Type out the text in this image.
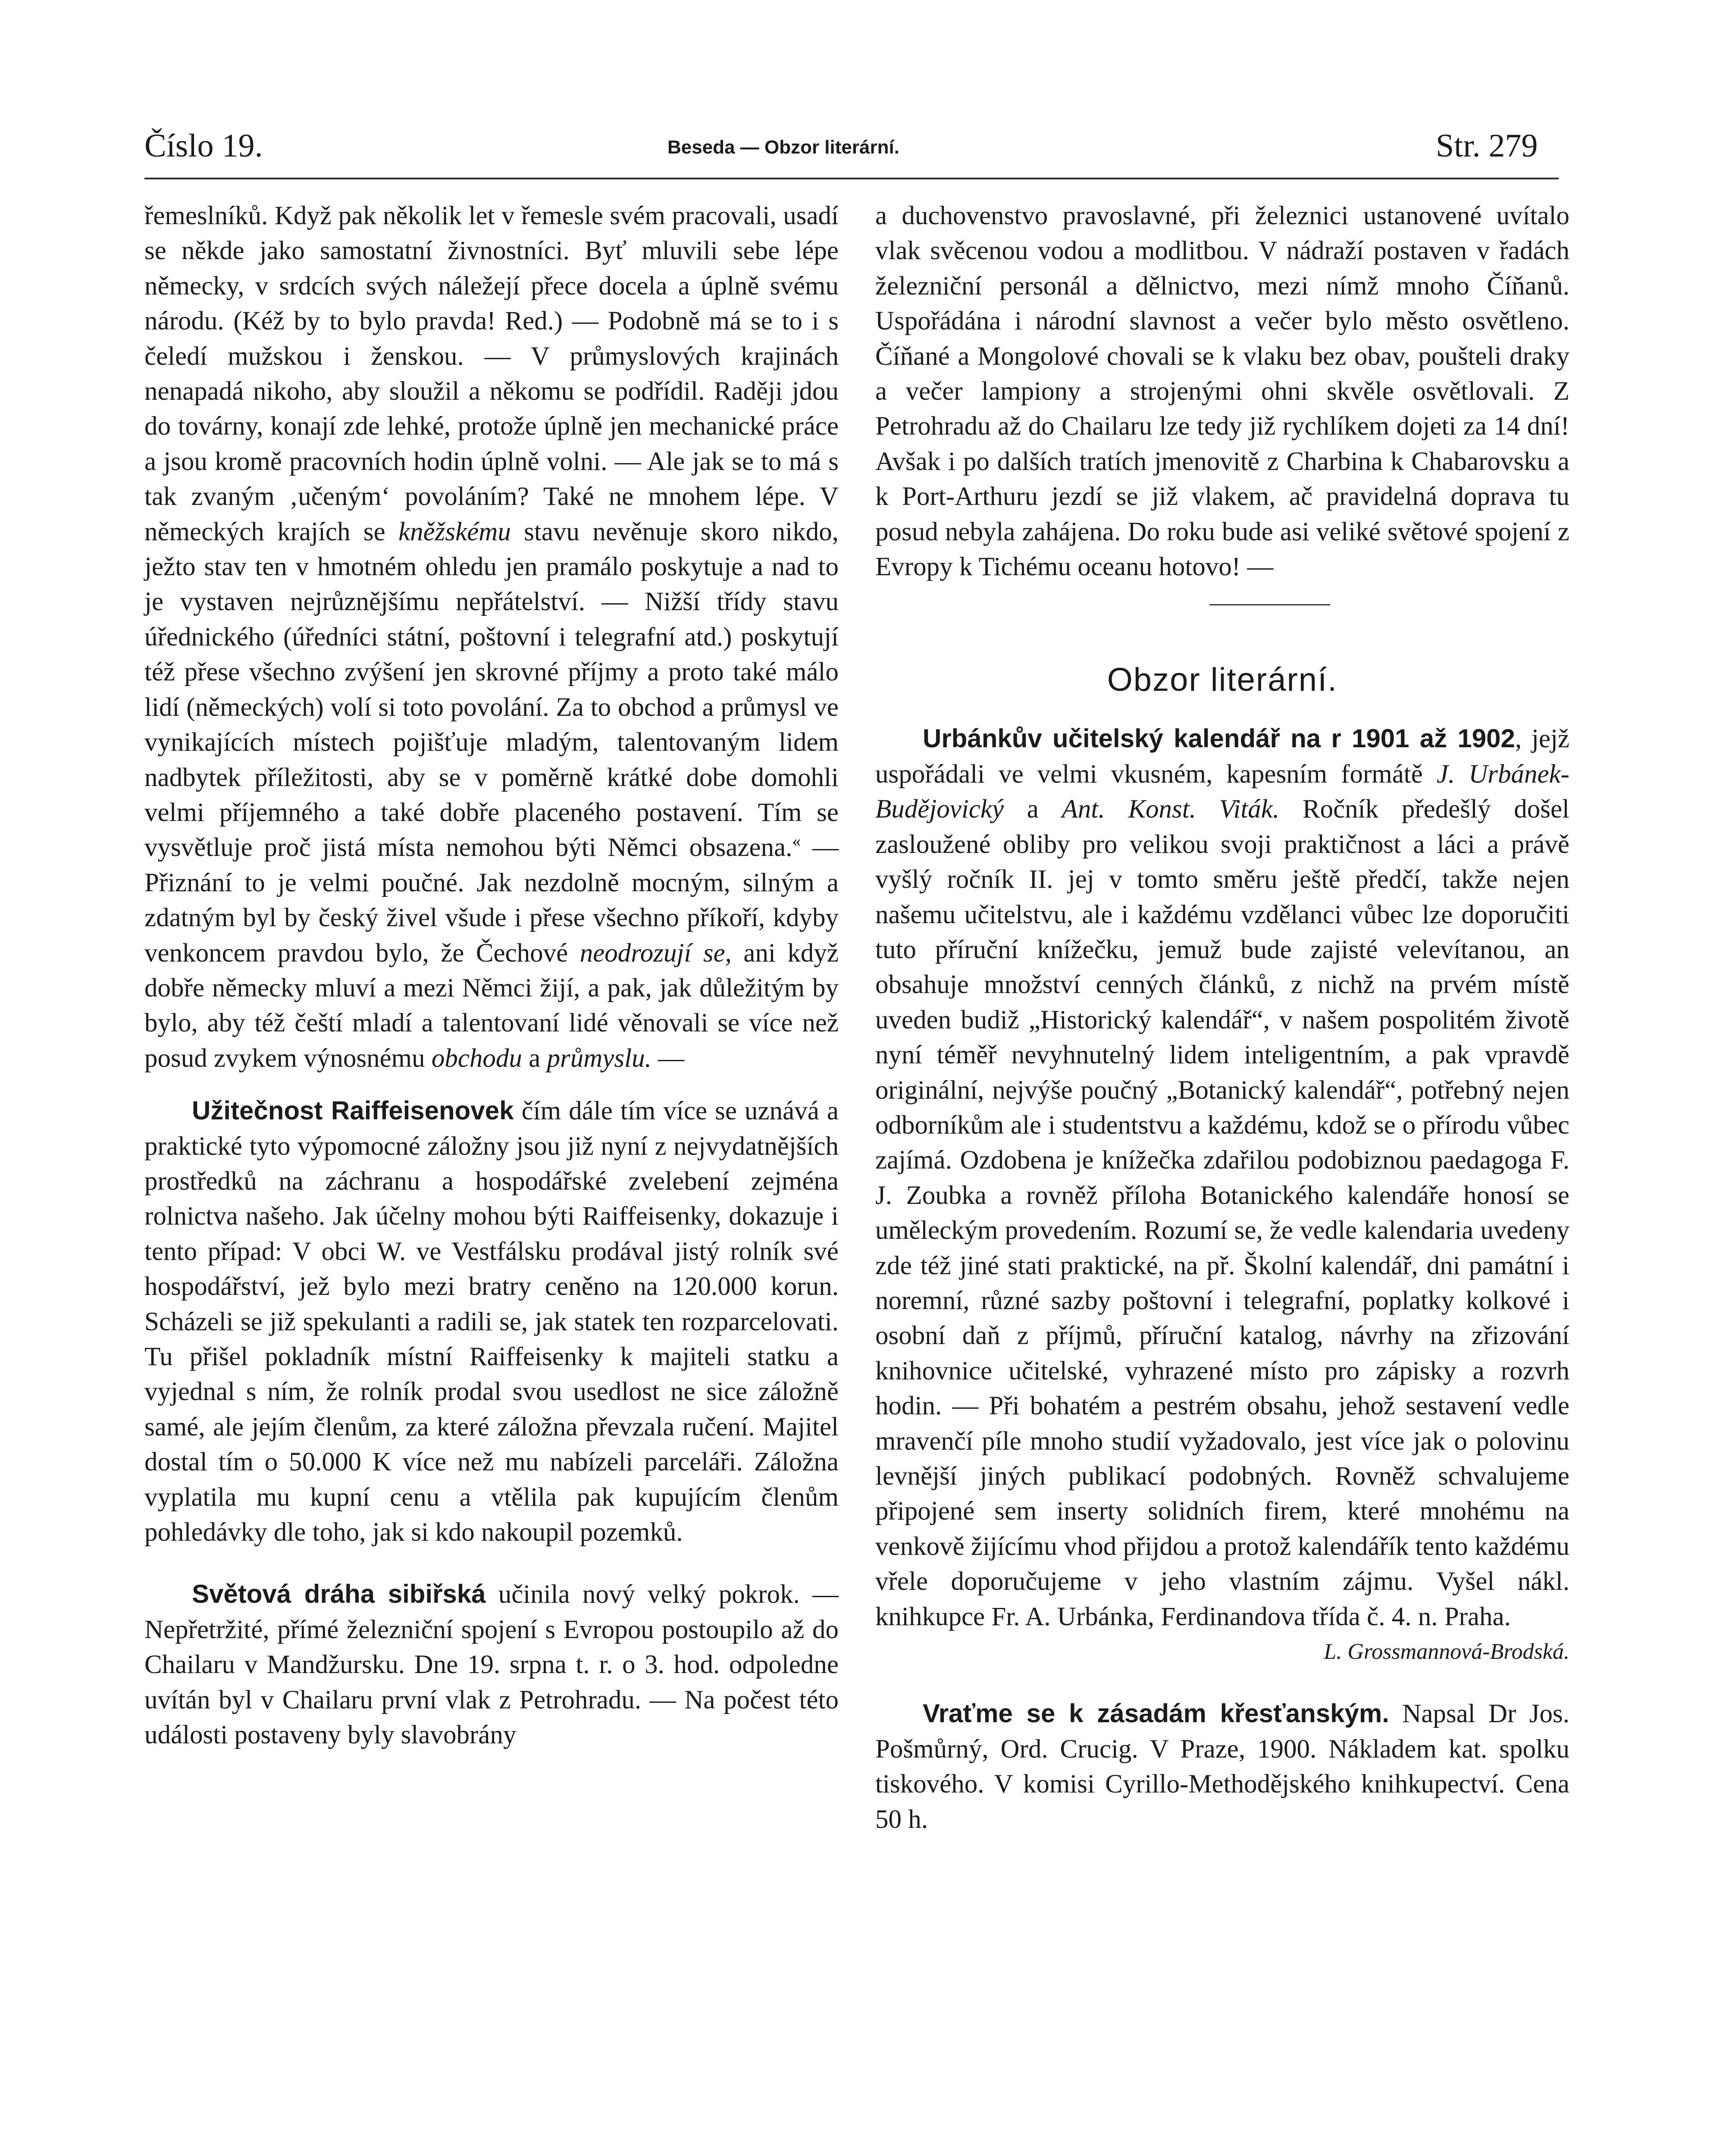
Číslo 19.	Beseda — Obzor literární.	Str. 279

řemeslníků. Když pak několik let v řemesle svém pracovali, usadí se někde jako samostatní živnostníci. Byť mluvili sebe lépe německy, v srdcích svých náležejí přece docela a úplně svému národu. (Kéž by to bylo pravda! Red.) — Podobně má se to i s čeledí mužskou i ženskou. — V průmyslových krajinách nenapadá nikoho, aby sloužil a někomu se podřídil. Raději jdou do továrny, konají zde lehké, protože úplně jen mechanické práce a jsou kromě pracovních hodin úplně volni. — Ale jak se to má s tak zvaným ‚učeným‘ povoláním? Také ne mnohem lépe. V německých krajích se kněžskému stavu nevěnuje skoro nikdo, ježto stav ten v hmotném ohledu jen pramálo poskytuje a nad to je vystaven nejrůznějšímu nepřátelství. — Nižší třídy stavu úřednického (úředníci státní, poštovní i telegrafní atd.) poskytují též přese všechno zvýšení jen skrovné příjmy a proto také málo lidí (německých) volí si toto povolání. Za to obchod a průmysl ve vynikajících místech pojišťuje mladým, talentovaným lidem nadbytek příležitosti, aby se v poměrně krátké dobe domohli velmi příjemného a také dobře placeného postavení. Tím se vysvětluje proč jistá místa nemohou býti Němci obsazena.« — Přiznání to je velmi poučné. Jak nezdolně mocným, silným a zdatným byl by český živel všude i přese všechno příkoří, kdyby venkoncem pravdou bylo, že Čechové neodrozují se, ani když dobře německy mluví a mezi Němci žijí, a pak, jak důležitým by bylo, aby též čeští mladí a talentovaní lidé věnovali se více než posud zvykem výnosnému obchodu a průmyslu. —

Užitečnost Raiffeisenovek čím dále tím více se uznává a praktické tyto výpomocné záložny jsou již nyní z nejvydatnějších prostředků na záchranu a hospodářské zvelebení zejména rolnictva našeho. Jak účelny mohou býti Raiffeisenky, dokazuje i tento případ: V obci W. ve Vestfálsku prodával jistý rolník své hospodářství, jež bylo mezi bratry ceněno na 120.000 korun. Scházeli se již spekulanti a radili se, jak statek ten rozparcelovati. Tu přišel pokladník místní Raiffeisenky k majiteli statku a vyjednal s ním, že rolník prodal svou usedlost ne sice záložně samé, ale jejím členům, za které záložna převzala ručení. Majitel dostal tím o 50.000 K více než mu nabízeli parceláři. Záložna vyplatila mu kupní cenu a vtělila pak kupujícím členům pohledávky dle toho, jak si kdo nakoupil pozemků.

Světová dráha sibiřská učinila nový velký pokrok. — Nepřetržité, přímé železniční spojení s Evropou postoupilo až do Chailaru v Mandžursku. Dne 19. srpna t. r. o 3. hod. odpoledne uvítán byl v Chailaru první vlak z Petrohradu. — Na počest této události postaveny byly slavobrány

a duchovenstvo pravoslavné, při železnici ustanovené uvítalo vlak svěcenou vodou a modlitbou. V nádraží postaven v řadách železniční personál a dělnictvo, mezi nímž mnoho Číňanů. Uspořádána i národní slavnost a večer bylo město osvětleno. Číňané a Mongolové chovali se k vlaku bez obav, poušteli draky a večer lampiony a strojenými ohni skvěle osvětlovali. Z Petrohradu až do Chailaru lze tedy již rychlíkem dojeti za 14 dní! Avšak i po dalších tratích jmenovitě z Charbina k Chabarovsku a k Port-Arthuru jezdí se již vlakem, ač pravidelná doprava tu posud nebyla zahájena. Do roku bude asi veliké světové spojení z Evropy k Tichému oceanu hotovo! —

Obzor literární.

Urbánkův učitelský kalendář na r 1901 až 1902, jejž uspořádali ve velmi vkusném, kapesním formátě J. Urbánek-Budějovický a Ant. Konst. Viták. Ročník předešlý došel zasloužené obliby pro velikou svoji praktičnost a láci a právě vyšlý ročník II. jej v tomto směru ještě předčí, takže nejen našemu učitelstvu, ale i každému vzdělanci vůbec lze doporučiti tuto příruční knížečku, jemuž bude zajisté velevítanou, an obsahuje množství cenných článků, z nichž na prvém místě uveden budiž „Historický kalendář“, v našem pospolitém životě nyní téměř nevyhnutelný lidem inteligentním, a pak vpravdě originální, nejvýše poučný „Botanický kalendář“, potřebný nejen odborníkům ale i studentstvu a každému, kdož se o přírodu vůbec zajímá. Ozdobena je knížečka zdařilou podobiznou paedagoga F. J. Zoubka a rovněž příloha Botanického kalendáře honosí se uměleckým provedením. Rozumí se, že vedle kalendaria uvedeny zde též jiné stati praktické, na př. Školní kalendář, dni památní i noremní, různé sazby poštovní i telegrafní, poplatky kolkové i osobní daň z příjmů, příruční katalog, návrhy na zřizování knihovnice učitelské, vyhrazené místo pro zápisky a rozvrh hodin. — Při bohatém a pestrém obsahu, jehož sestavení vedle mravenčí píle mnoho studií vyžadovalo, jest více jak o polovinu levnější jiných publikací podobných. Rovněž schvalujeme připojené sem inserty solidních firem, které mnohému na venkově žijícímu vhod přijdou a protož kalendářík tento každému vřele doporučujeme v jeho vlastním zájmu. Vyšel nákl. knihkupce Fr. A. Urbánka, Ferdinandova třída č. 4. n. Praha.

L. Grossmannová-Brodská.

Vraťme se k zásadám křesťanským. Napsal Dr Jos. Pošmůrný, Ord. Crucig. V Praze, 1900. Nákladem kat. spolku tiskového. V komisi Cyrillo-Methodějského knihkupectví. Cena 50 h.
